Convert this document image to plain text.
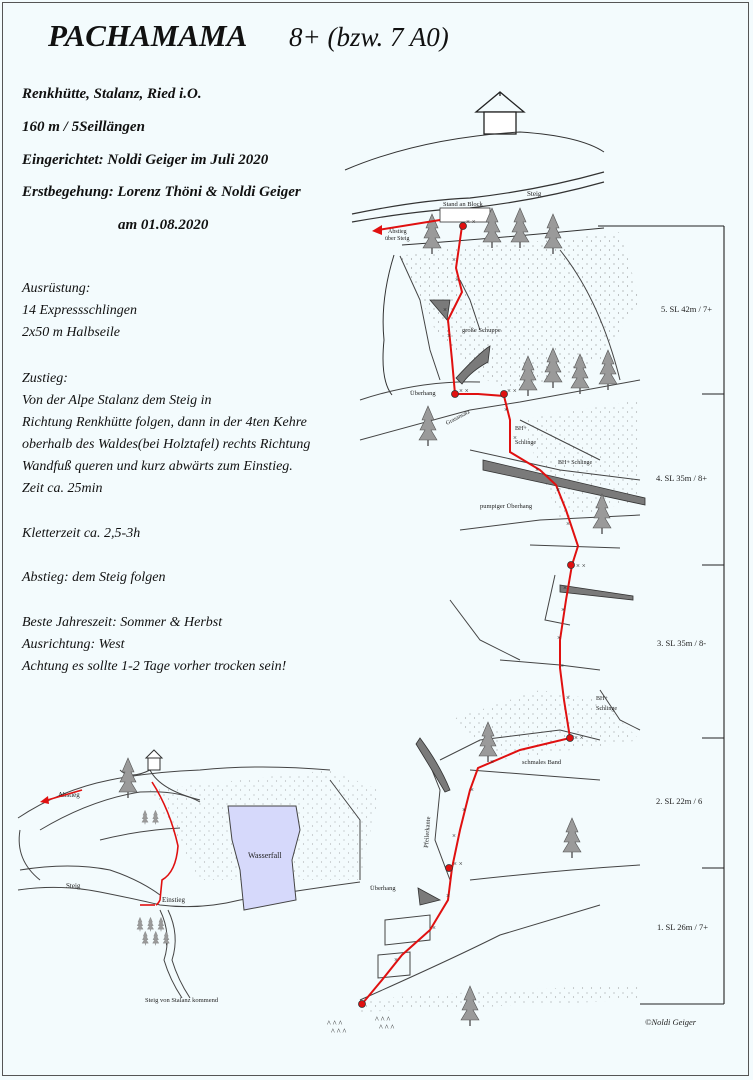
PACHAMAMA 8+ (bzw. 7 A0)
Renkhütte, Stalanz, Ried i.O.
160 m / 5Seillängen
Eingerichtet: Noldi Geiger im Juli 2020
Erstbegehung: Lorenz Thöni & Noldi Geiger
am 01.08.2020
Ausrüstung:
14 Expressschlingen
2x50 m Halbseile
Zustieg:
Von der Alpe Stalanz dem Steig in
Richtung Renkhütte folgen, dann in der 4ten Kehre
oberhalb des Waldes(bei Holztafel) rechts Richtung
Wandfuß queren und kurz abwärts zum Einstieg.
Zeit ca. 25min
Kletterzeit ca. 2,5-3h
Abstieg: dem Steig folgen
Beste Jahreszeit: Sommer & Herbst
Ausrichtung: West
Achtung es sollte 1-2 Tage vorher trocken sein!
× ×
×
×
×
×
× ×	× ×
×
×
×
×
×
× ×
×
×
×
×
×
× ×
×
×
×
×
× ×
×
×
×
^ ^ ^
^ ^ ^
^ ^ ^
^ ^ ^
Steig
Stand an Block
Abstieg
über Steig
große Schuppe
Überhang
Grasansatz
BH+
Schlinge
BH+ Schlinge
pumpiger Überhang
BH+
Schlinge
schmales Band
Pfeilerkante
Überhang
5. SL 42m / 7+
4. SL 35m / 8+
3. SL 35m / 8-
2. SL 22m / 6
1. SL 26m / 7+
©Noldi Geiger
Wasserfall
Abstieg
Steig
Einstieg
Steig von Stalanz kommend
